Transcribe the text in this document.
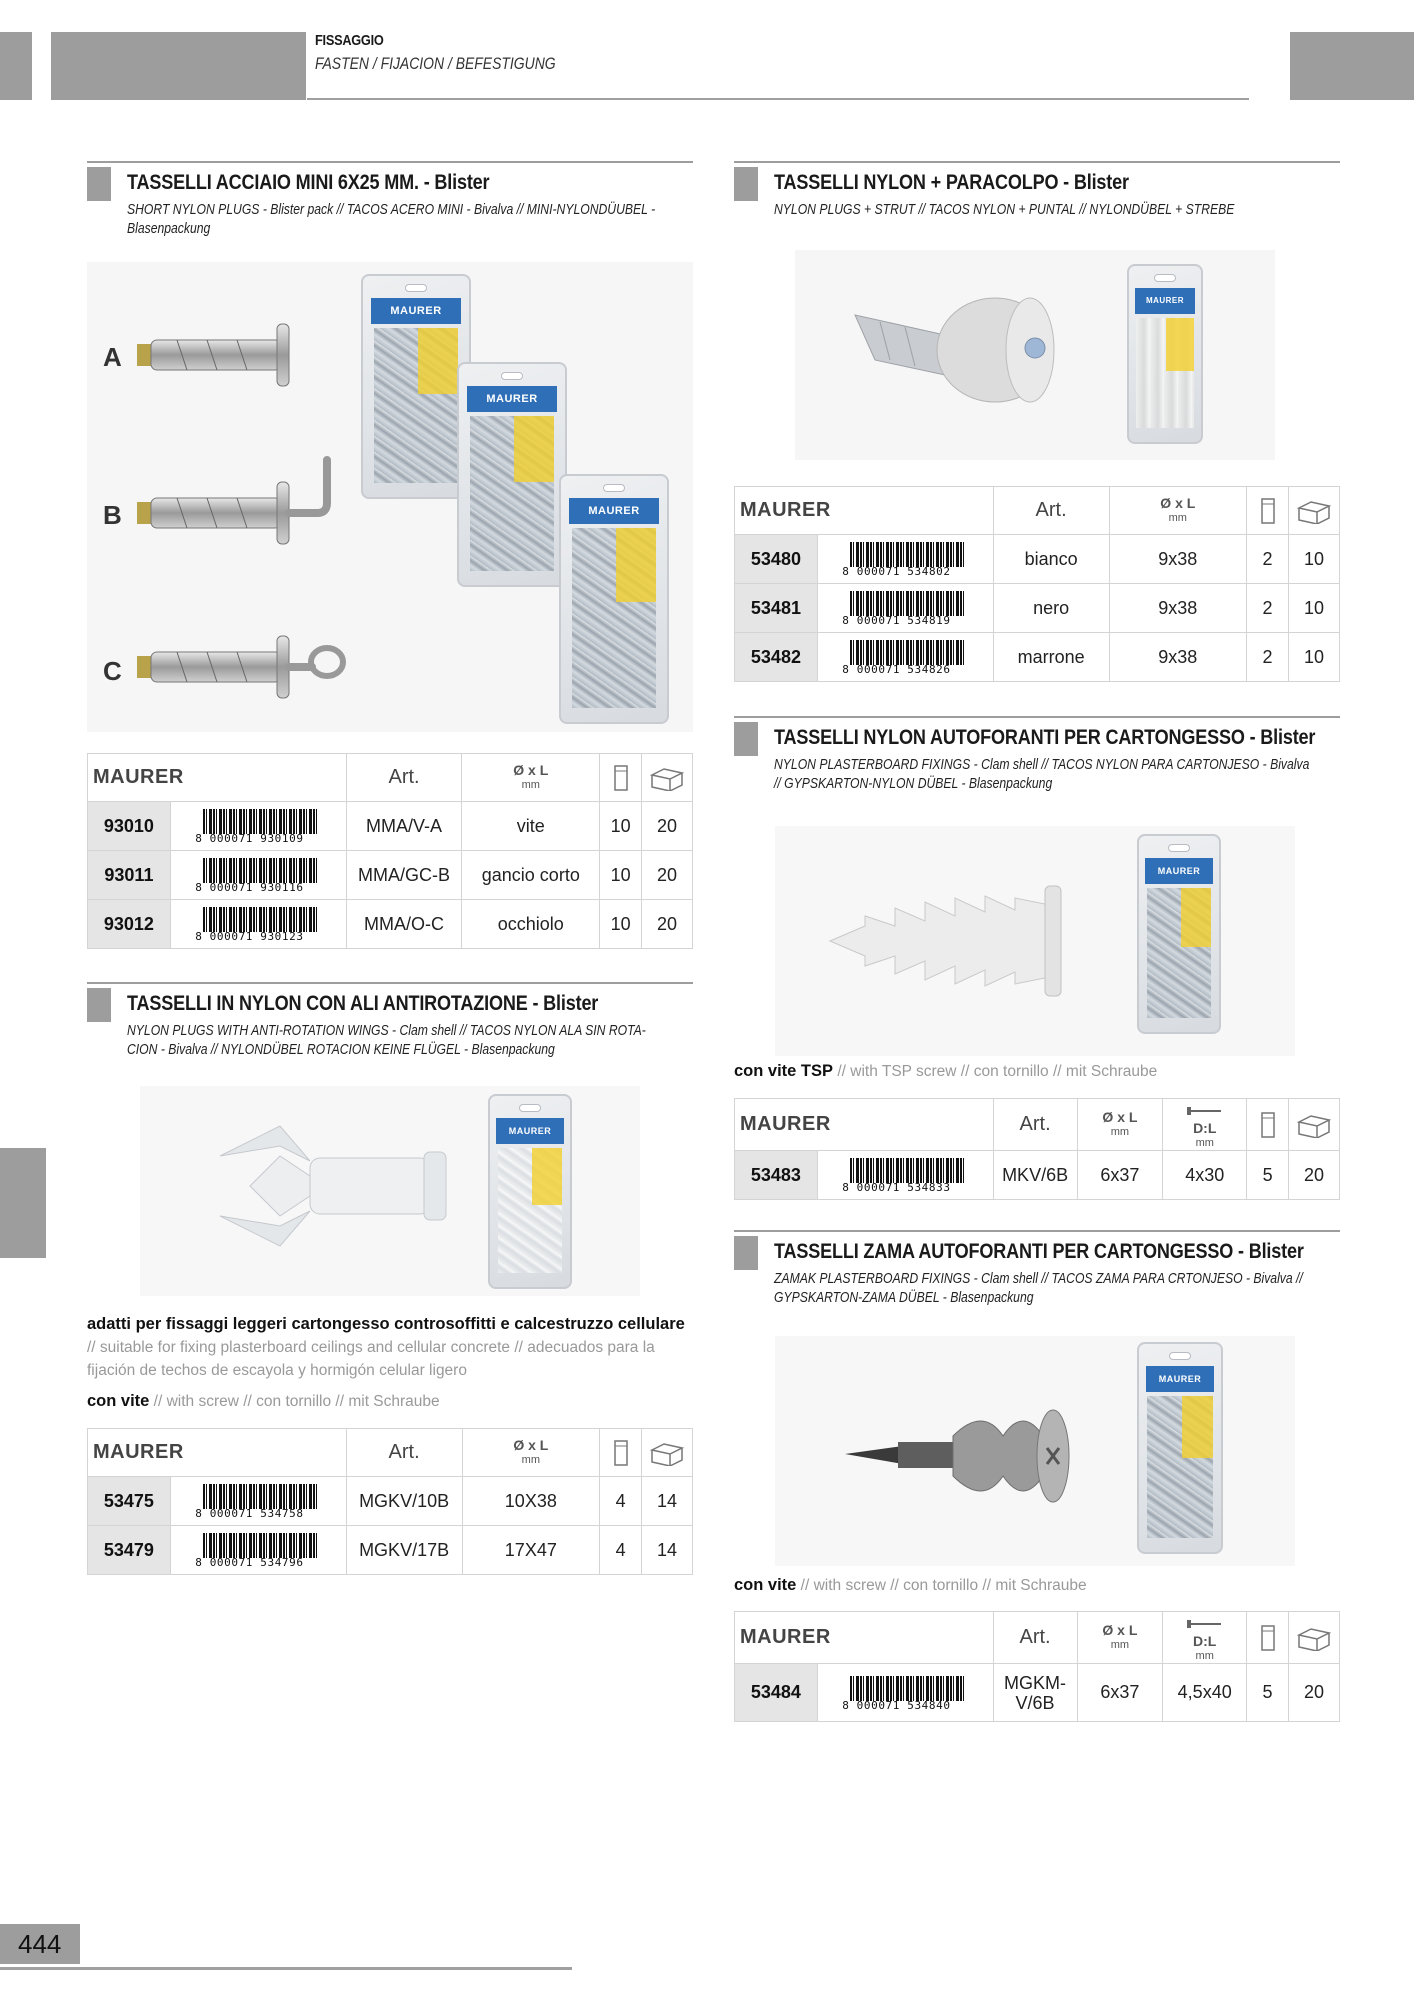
FISSAGGIO
FASTEN / FIJACION / BEFESTIGUNG
TASSELLI ACCIAIO MINI 6X25 MM. - Blister
SHORT NYLON PLUGS - Blister pack // TACOS ACERO MINI - Bivalva // MINI-NYLONDÜUBEL - Blasenpackung
A
B
C
MAURER
MAURER
MAURER
MAURER		Art.	Ø x L
mm

93010	8 000071 930109	MMA/V-A	vite	10	20
93011	8 000071 930116	MMA/GC-B	gancio corto	10	20
93012	8 000071 930123	MMA/O-C	occhiolo	10	20
TASSELLI IN NYLON CON ALI ANTIROTAZIONE - Blister
NYLON PLUGS WITH ANTI-ROTATION WINGS - Clam shell // TACOS NYLON ALA SIN ROTA-CION - Bivalva // NYLONDÜBEL ROTACION KEINE FLÜGEL - Blasenpackung
MAURER
adatti per fissaggi leggeri cartongesso controsoffitti e calcestruzzo cellulare // suitable for fixing plasterboard ceilings and cellular concrete // adecuados para la fijación de techos de escayola y hormigón celular ligero
con vite // with screw // con tornillo // mit Schraube
MAURER		Art.	Ø x L
mm

53475	8 000071 534758	MGKV/10B	10X38	4	14
53479	8 000071 534796	MGKV/17B	17X47	4	14
TASSELLI NYLON + PARACOLPO - Blister
NYLON PLUGS + STRUT // TACOS NYLON + PUNTAL // NYLONDÜBEL + STREBE
MAURER
MAURER		Art.	Ø x L
mm

53480	8 000071 534802	bianco	9x38	2	10
53481	8 000071 534819	nero	9x38	2	10
53482	8 000071 534826	marrone	9x38	2	10
TASSELLI NYLON AUTOFORANTI PER CARTONGESSO - Blister
NYLON PLASTERBOARD FIXINGS - Clam shell // TACOS NYLON PARA CARTONJESO - Bivalva // GYPSKARTON-NYLON DÜBEL - Blasenpackung
MAURER
con vite TSP // with TSP screw // con tornillo // mit Schraube
MAURER		Art.	Ø x L
mm	D:L
mm

53483	8 000071 534833	MKV/6B	6x37	4x30	5	20
TASSELLI ZAMA AUTOFORANTI PER CARTONGESSO - Blister
ZAMAK PLASTERBOARD FIXINGS - Clam shell // TACOS ZAMA PARA CRTONJESO - Bivalva // GYPSKARTON-ZAMA DÜBEL - Blasenpackung
MAURER
con vite // with screw // con tornillo // mit Schraube
MAURER		Art.	Ø x L
mm	D:L
mm

53484	8 000071 534840	MGKM-
V/6B	6x37	4,5x40	5	20
444
